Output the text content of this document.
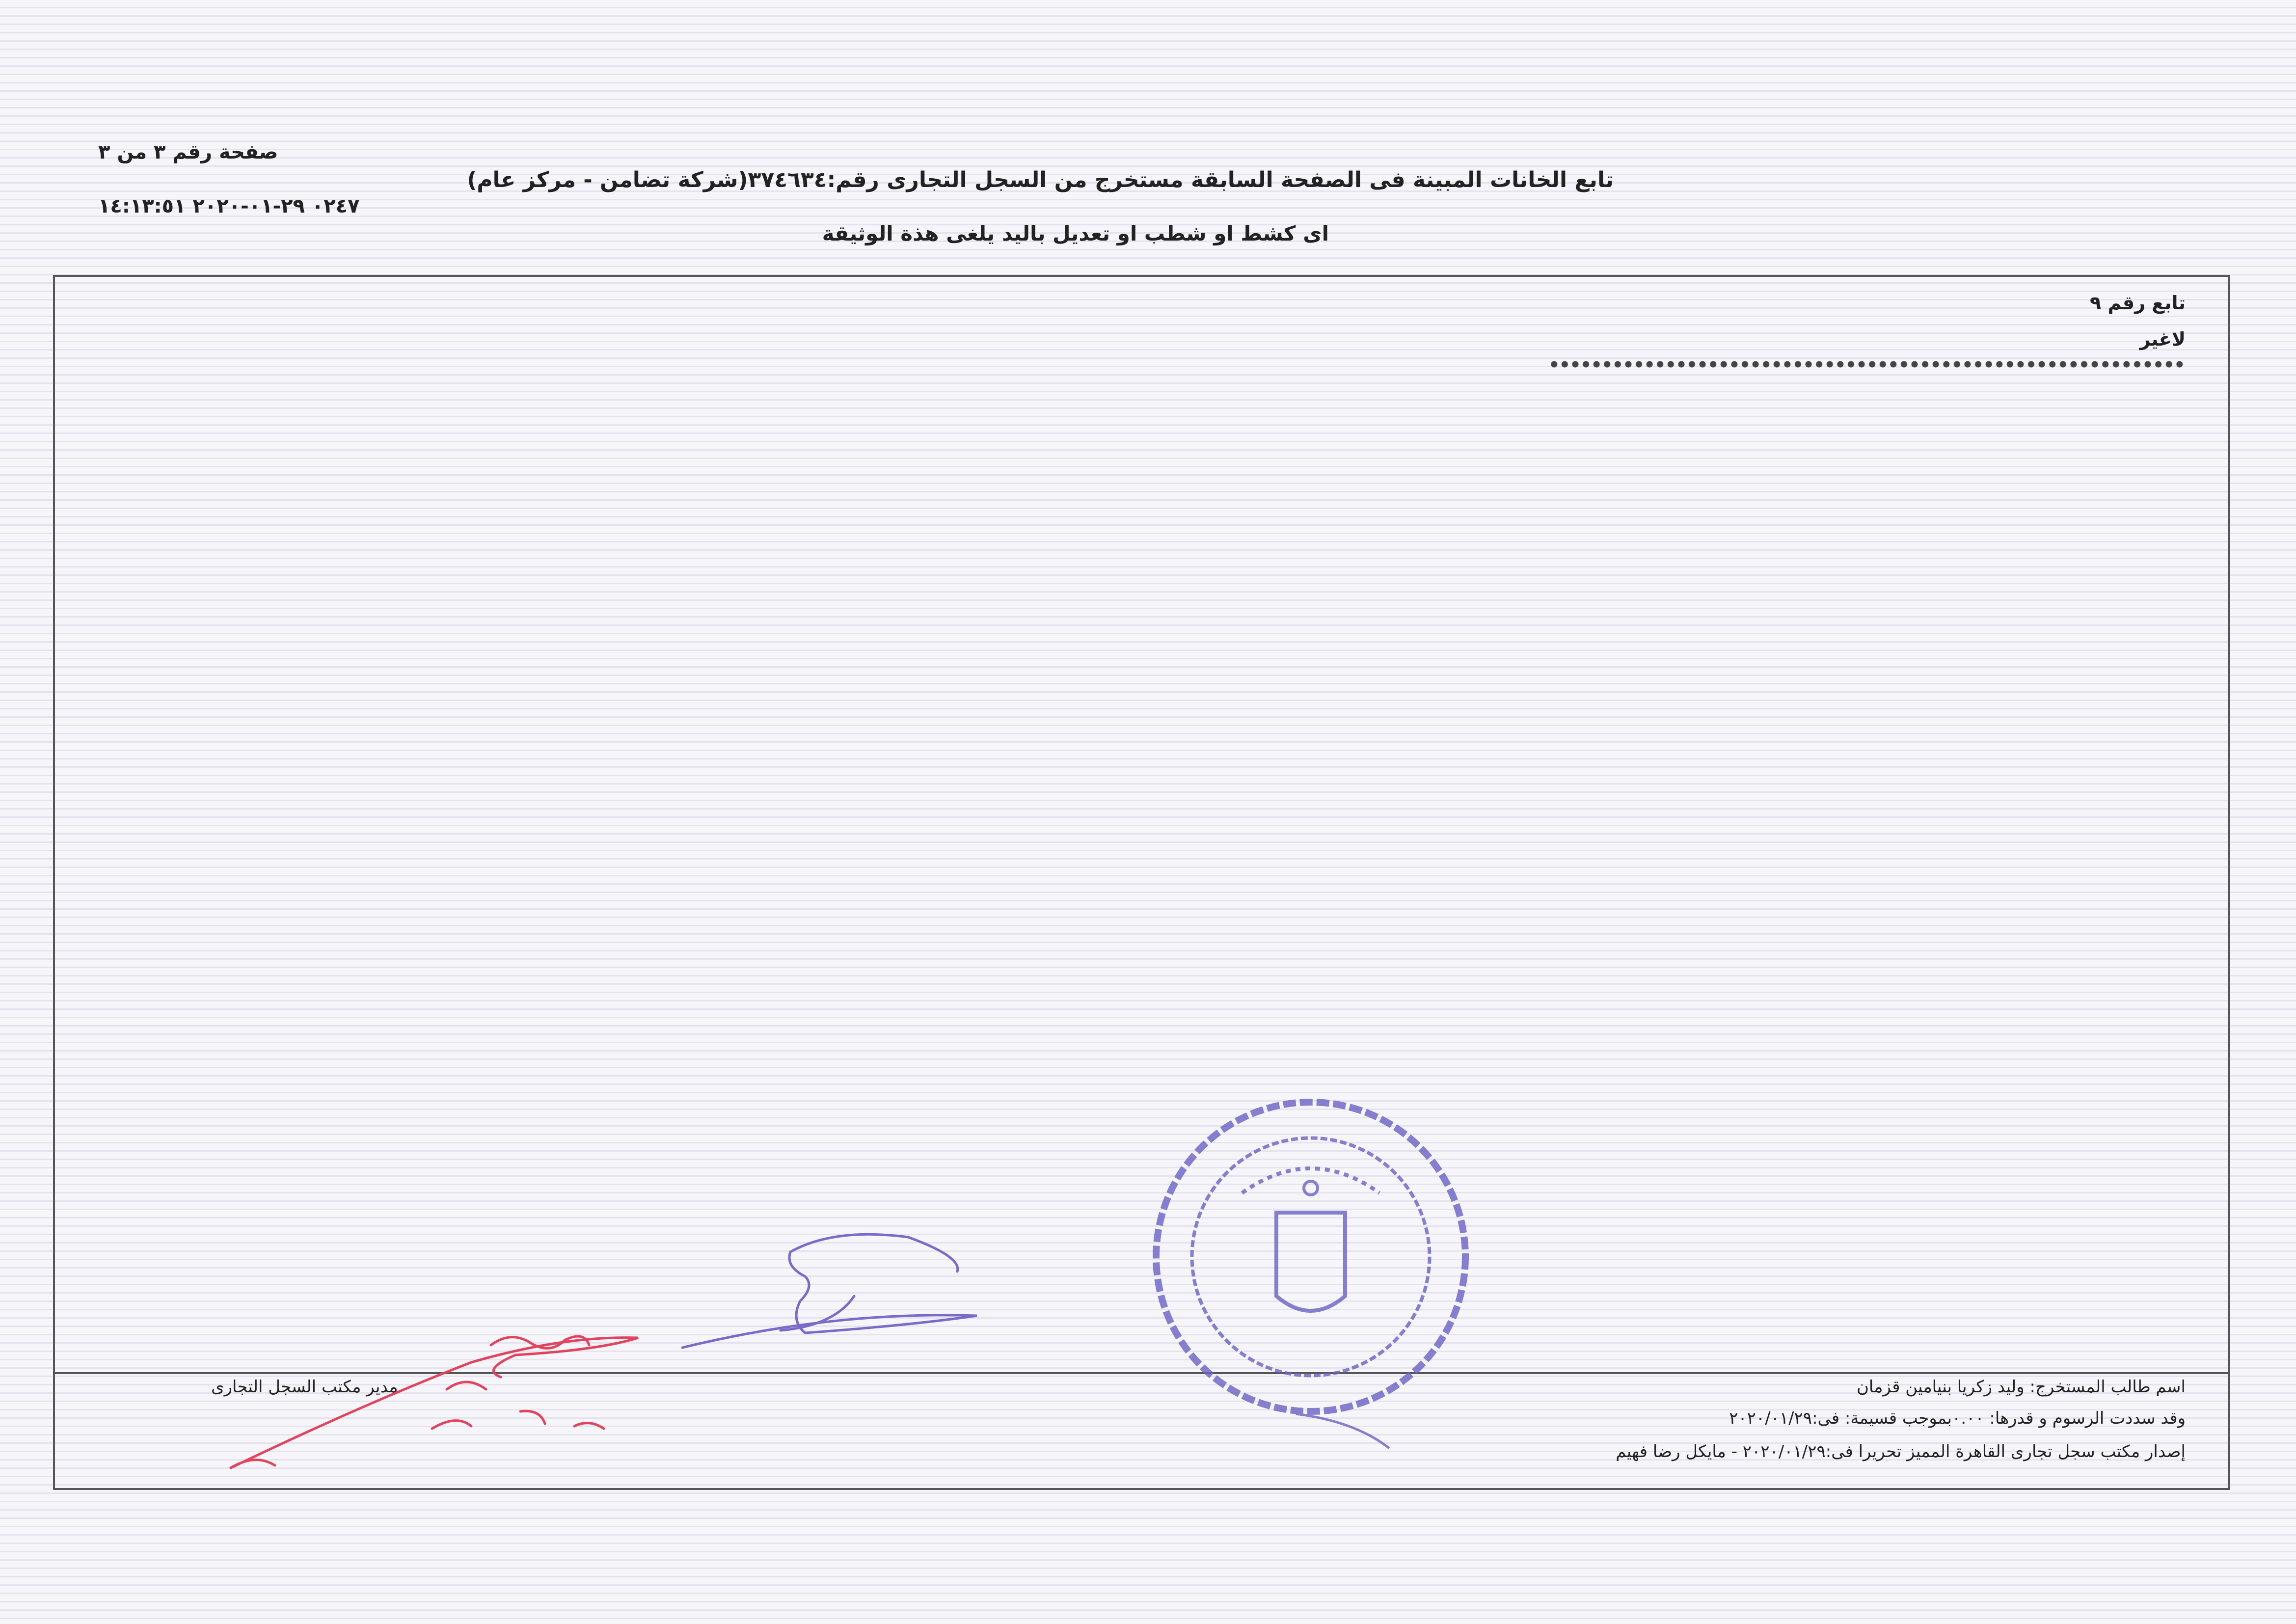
صفحة رقم ٣ من ٣
٠٢٤٧ ٢٩-٠١-٢٠٢٠ ١٤:١٣:٥١
تابع الخانات المبينة فى الصفحة السابقة مستخرج من السجل التجارى رقم:٣٧٤٦٣٤(شركة تضامن - مركز عام)
اى كشط او شطب او تعديل باليد يلغى هذة الوثيقة
تابع رقم ٩
لاغير
اسم طالب المستخرج: وليد زكريا بنيامين قزمان
وقد سددت الرسوم و قدرها: ٠.٠٠بموجب قسيمة: فى:٢٠٢٠/٠١/٢٩
إصدار مكتب سجل تجارى القاهرة المميز تحريرا فى:٢٠٢٠/٠١/٢٩ - مايكل رضا فهيم
مدير مكتب السجل التجارى
